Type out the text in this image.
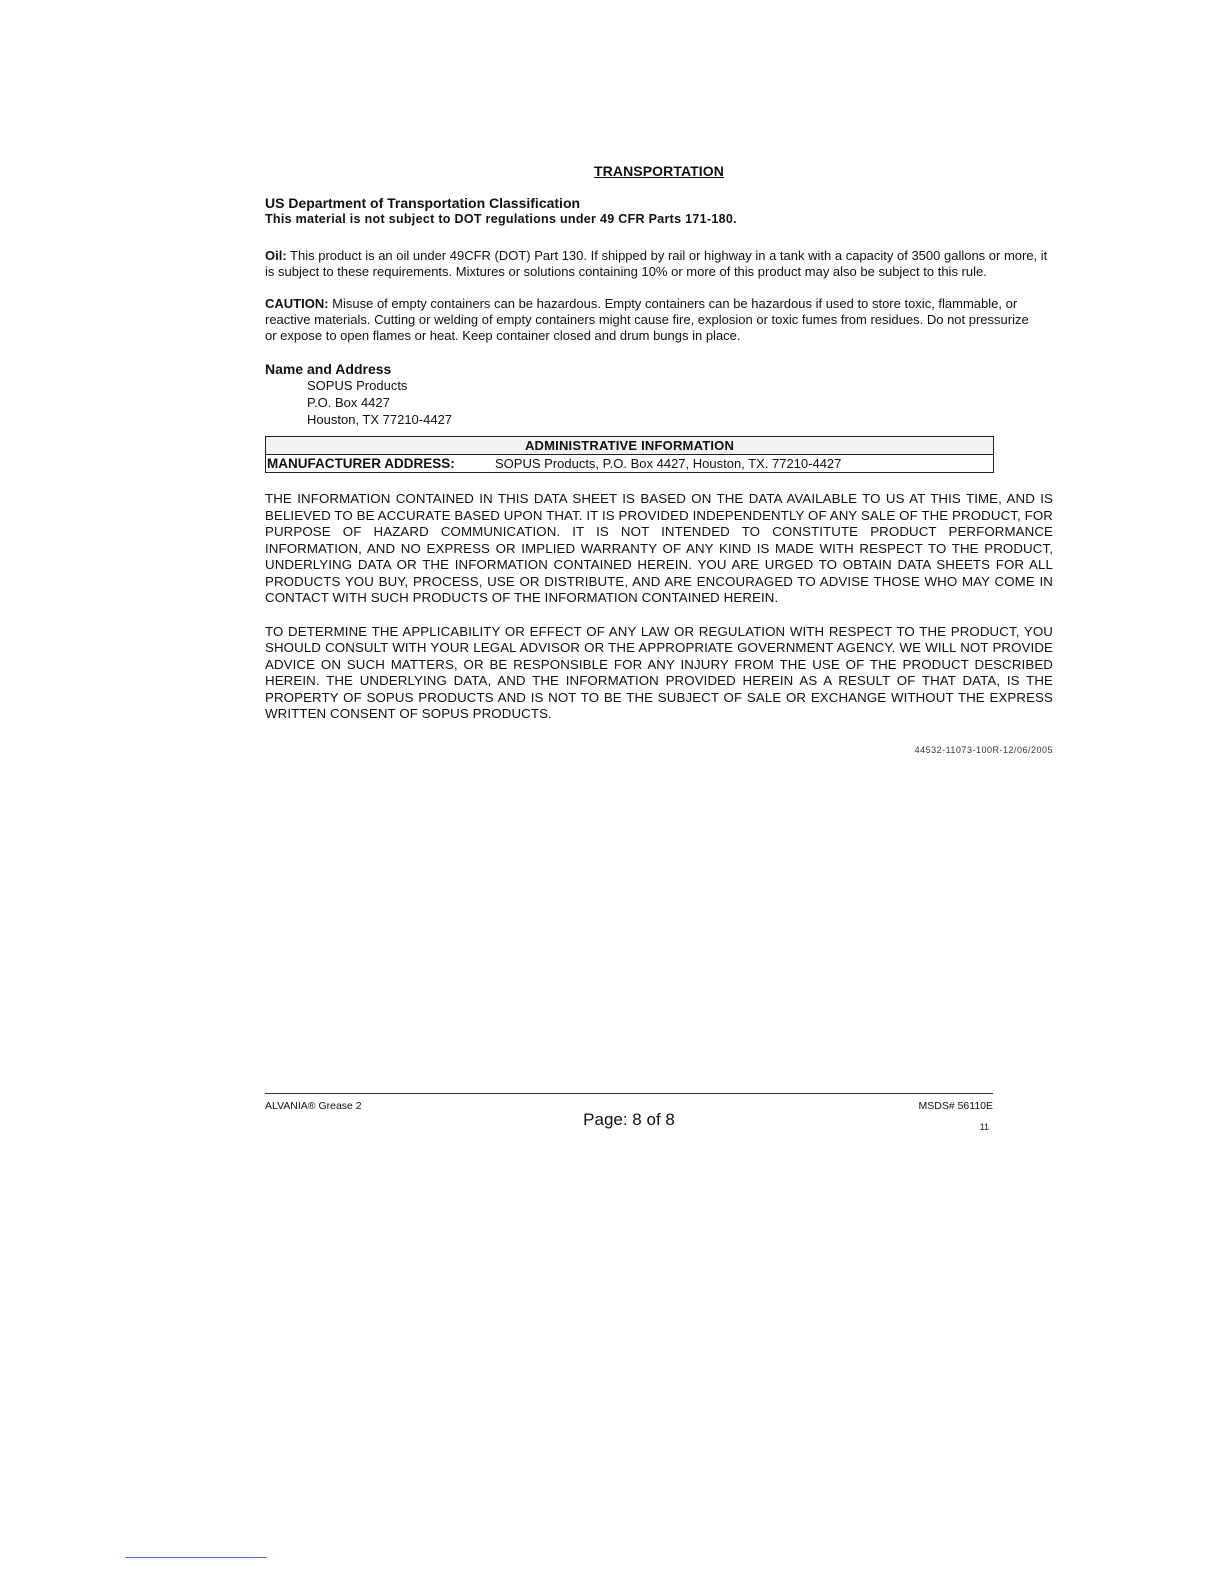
TRANSPORTATION
US Department of Transportation Classification
This material is not subject to DOT regulations under 49 CFR Parts 171-180.

Oil: This product is an oil under 49CFR (DOT) Part 130. If shipped by rail or highway in a tank with a capacity of 3500 gallons or more, it is subject to these requirements. Mixtures or solutions containing 10% or more of this product may also be subject to this rule.

CAUTION: Misuse of empty containers can be hazardous. Empty containers can be hazardous if used to store toxic, flammable, or reactive materials. Cutting or welding of empty containers might cause fire, explosion or toxic fumes from residues. Do not pressurize or expose to open flames or heat. Keep container closed and drum bungs in place.

Name and Address
SOPUS Products
P.O. Box 4427
Houston, TX 77210-4427
ADMINISTRATIVE INFORMATION
MANUFACTURER ADDRESS:	SOPUS Products, P.O. Box 4427, Houston, TX. 77210-4427

THE INFORMATION CONTAINED IN THIS DATA SHEET IS BASED ON THE DATA AVAILABLE TO US AT THIS TIME, AND IS BELIEVED TO BE ACCURATE BASED UPON THAT. IT IS PROVIDED INDEPENDENTLY OF ANY SALE OF THE PRODUCT, FOR PURPOSE OF HAZARD COMMUNICATION. IT IS NOT INTENDED TO CONSTITUTE PRODUCT PERFORMANCE INFORMATION, AND NO EXPRESS OR IMPLIED WARRANTY OF ANY KIND IS MADE WITH RESPECT TO THE PRODUCT, UNDERLYING DATA OR THE INFORMATION CONTAINED HEREIN. YOU ARE URGED TO OBTAIN DATA SHEETS FOR ALL PRODUCTS YOU BUY, PROCESS, USE OR DISTRIBUTE, AND ARE ENCOURAGED TO ADVISE THOSE WHO MAY COME IN CONTACT WITH SUCH PRODUCTS OF THE INFORMATION CONTAINED HEREIN.

TO DETERMINE THE APPLICABILITY OR EFFECT OF ANY LAW OR REGULATION WITH RESPECT TO THE PRODUCT, YOU SHOULD CONSULT WITH YOUR LEGAL ADVISOR OR THE APPROPRIATE GOVERNMENT AGENCY. WE WILL NOT PROVIDE ADVICE ON SUCH MATTERS, OR BE RESPONSIBLE FOR ANY INJURY FROM THE USE OF THE PRODUCT DESCRIBED HEREIN. THE UNDERLYING DATA, AND THE INFORMATION PROVIDED HEREIN AS A RESULT OF THAT DATA, IS THE PROPERTY OF SOPUS PRODUCTS AND IS NOT TO BE THE SUBJECT OF SALE OR EXCHANGE WITHOUT THE EXPRESS WRITTEN CONSENT OF SOPUS PRODUCTS.

44532-11073-100R-12/06/2005
ALVANIA® Grease 2
Page: 8 of 8
MSDS# 56110E
11
